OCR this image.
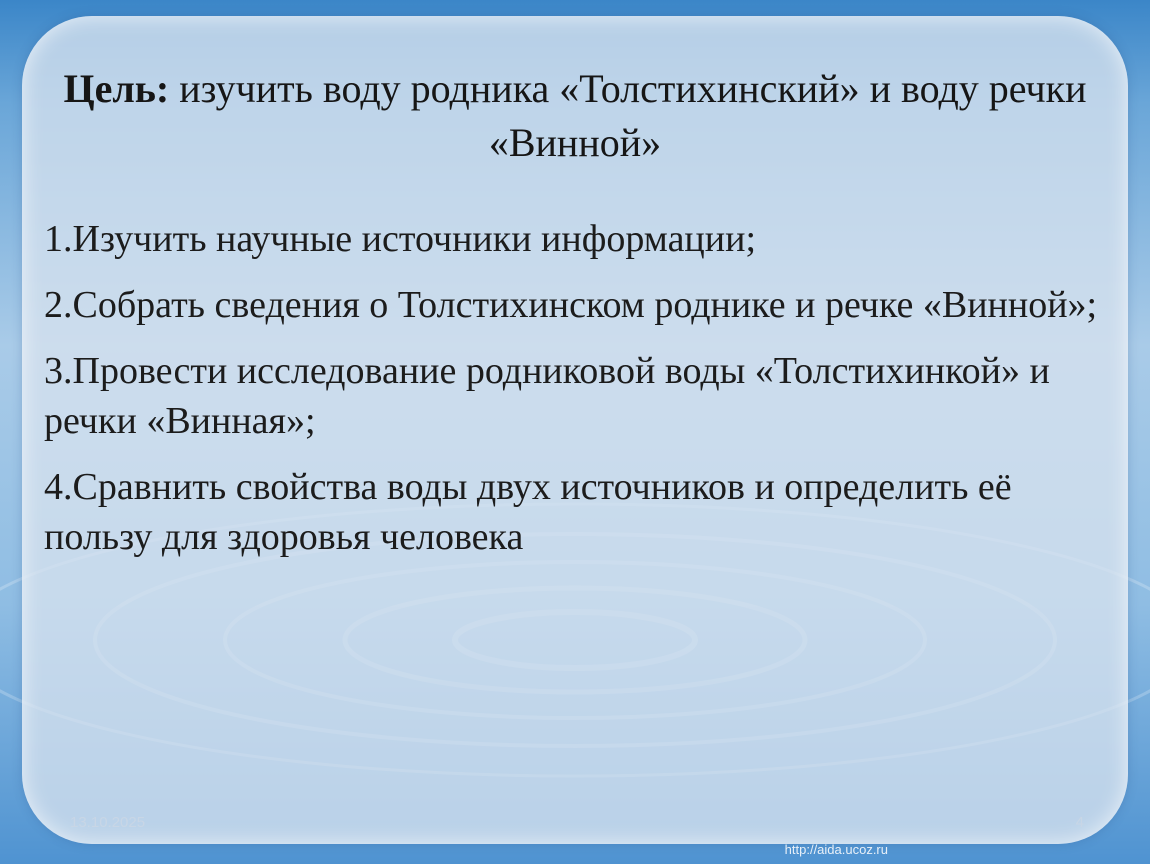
Цель: изучить воду родника «Толстихинский» и воду речки «Винной»
1.Изучить научные источники информации;
2.Собрать сведения о Толстихинском роднике и речке «Винной»;
3.Провести исследование родниковой воды «Толстихинкой» и речки «Винная»;
4.Сравнить свойства воды двух источников и определить её пользу для здоровья человека
13.10.2025	4
http://aida.ucoz.ru
